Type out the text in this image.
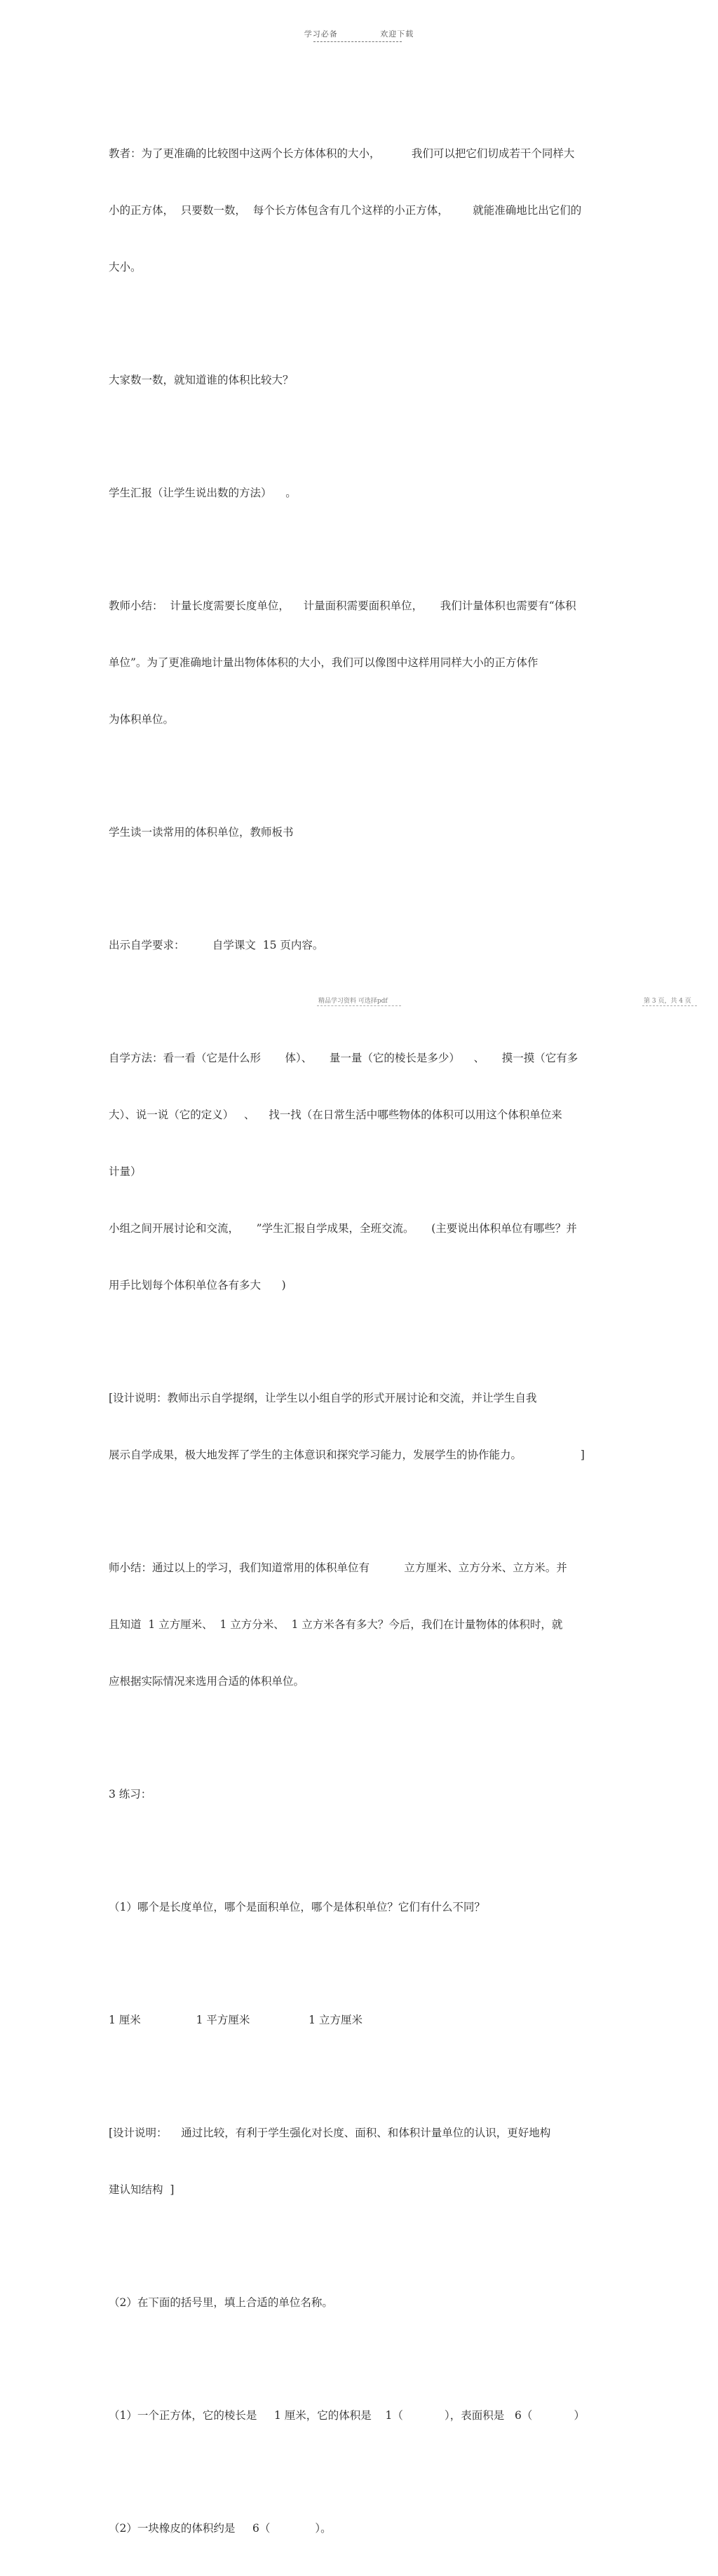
学习必备	欢迎下载

教者：为了更准确的比较图中这两个长方体体积的大小，         我们可以把它们切成若干个同样大

小的正方体，  只要数一数，  每个长方体包含有几个这样的小正方体，       就能准确地比出它们的

大小。

大家数一数，就知道谁的体积比较大？

学生汇报（让学生说出数的方法）    。

教师小结：  计量长度需要长度单位，    计量面积需要面积单位，     我们计量体积也需要有“体积

单位”。为了更准确地计量出物体体积的大小，我们可以像图中这样用同样大小的正方体作

为体积单位。

学生读一读常用的体积单位，教师板书

出示自学要求：        自学课文  15 页内容。

自学方法：看一看（它是什么形       体）、     量一量（它的棱长是多少）    、     摸一摸（它有多

大）、说一说（它的定义）   、    找一找（在日常生活中哪些物体的体积可以用这个体积单位来

计量）

小组之间开展讨论和交流，     ”学生汇报自学成果，全班交流。     (主要说出体积单位有哪些？并

用手比划每个体积单位各有多大      )

[设计说明：教师出示自学提纲，让学生以小组自学的形式开展讨论和交流，并让学生自我

展示自学成果，极大地发挥了学生的主体意识和探究学习能力，发展学生的协作能力。                 ]

师小结：通过以上的学习，我们知道常用的体积单位有          立方厘米、立方分米、立方米。并

且知道  1 立方厘米、  1 立方分米、  1 立方米各有多大？今后，我们在计量物体的体积时，就

应根据实际情况来选用合适的体积单位。

3 练习：

（1）哪个是长度单位，哪个是面积单位，哪个是体积单位？它们有什么不同？

1 厘米                1 平方厘米                 1 立方厘米

[设计说明：    通过比较，有利于学生强化对长度、面积、和体积计量单位的认识，更好地构

建认知结构  ]

（2）在下面的括号里，填上合适的单位名称。

（1）一个正方体，它的棱长是     1 厘米，它的体积是    1（            ），表面积是   6（            ）

（2）一块橡皮的体积约是     6（             ）。

精品学习资料 可选择pdf	第 3 页，共 4 页
